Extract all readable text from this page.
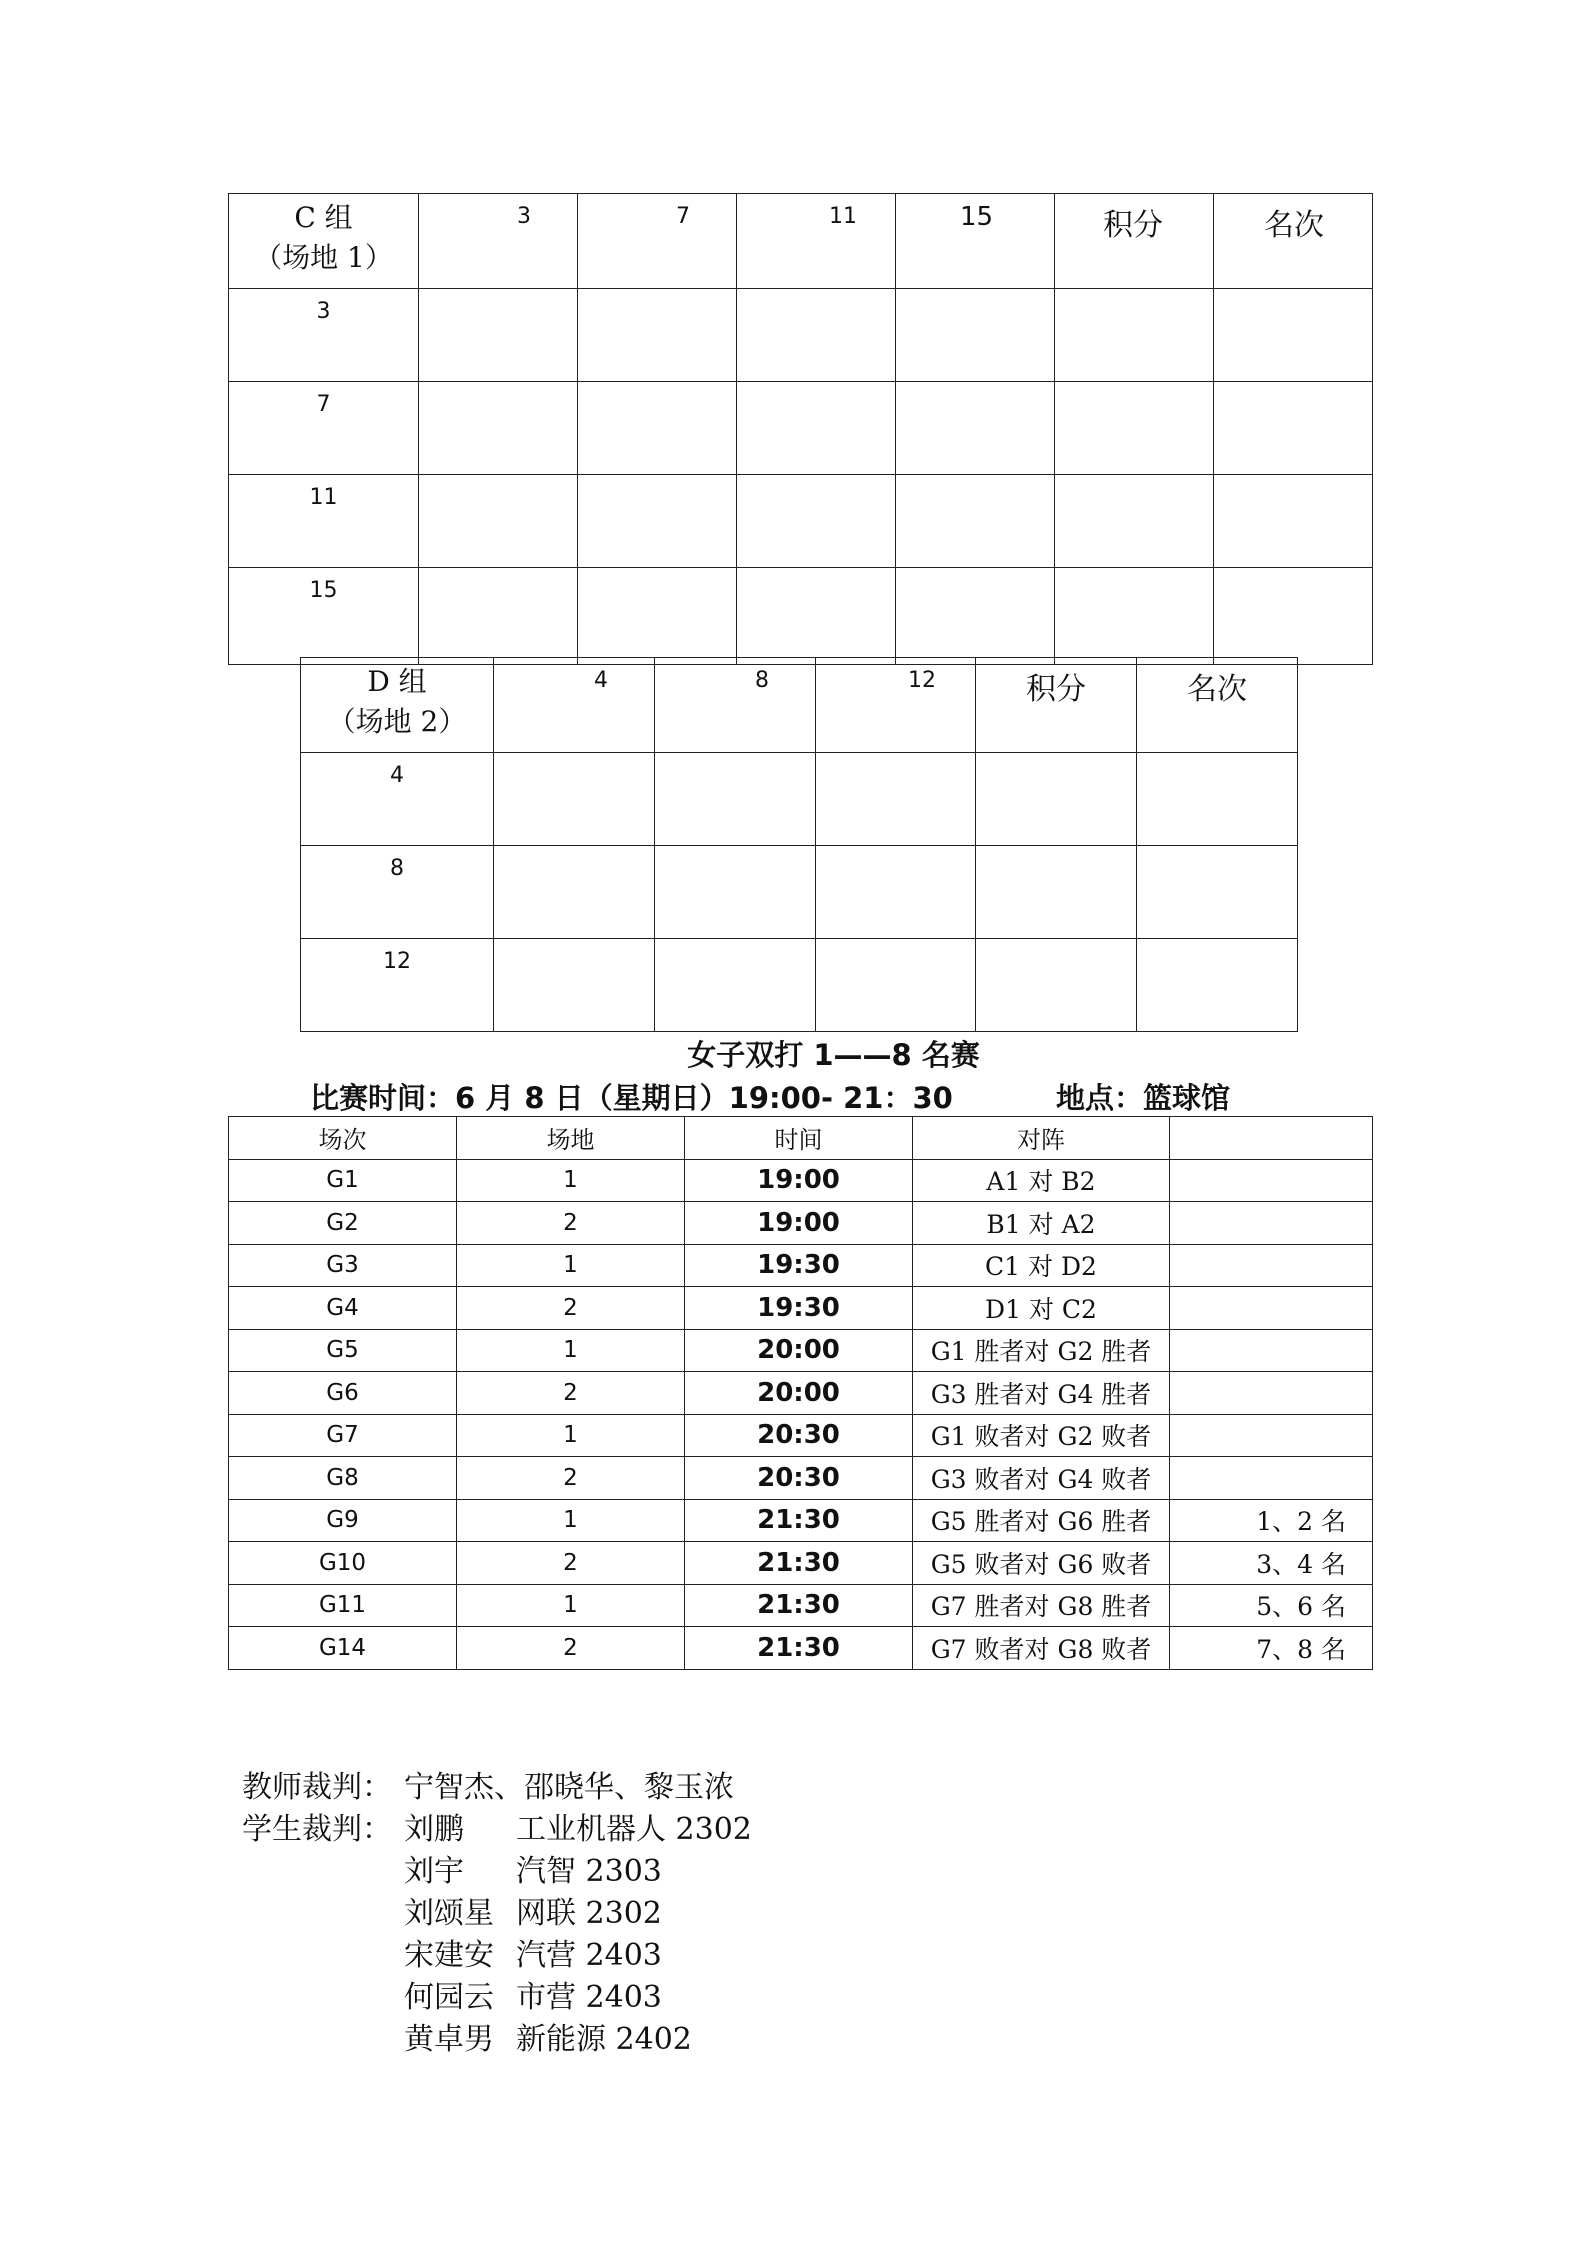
C 组
（场地 1）	3	7	11	15	积分	名次
3						
7						
11						
15						
D 组
（场地 2）	4	8	12	积分	名次
4					
8					
12					
女子双打 1——8 名赛
比赛时间：6 月 8 日（星期日）19:00- 21：30	地点：篮球馆
场次	场地	时间	对阵	
G1	1	19:00	A1 对 B2	
G2	2	19:00	B1 对 A2	
G3	1	19:30	C1 对 D2	
G4	2	19:30	D1 对 C2	
G5	1	20:00	G1 胜者对 G2 胜者	
G6	2	20:00	G3 胜者对 G4 胜者	
G7	1	20:30	G1 败者对 G2 败者	
G8	2	20:30	G3 败者对 G4 败者	
G9	1	21:30	G5 胜者对 G6 胜者	1、2 名
G10	2	21:30	G5 败者对 G6 败者	3、4 名
G11	1	21:30	G7 胜者对 G8 胜者	5、6 名
G14	2	21:30	G7 败者对 G8 败者	7、8 名
教师裁判： 宁智杰、邵晓华、黎玉浓
学生裁判： 刘鹏 工业机器人 2302
刘宇 汽智 2303
刘颂星 网联 2302
宋建安 汽营 2403
何园云 市营 2403
黄卓男 新能源 2402
